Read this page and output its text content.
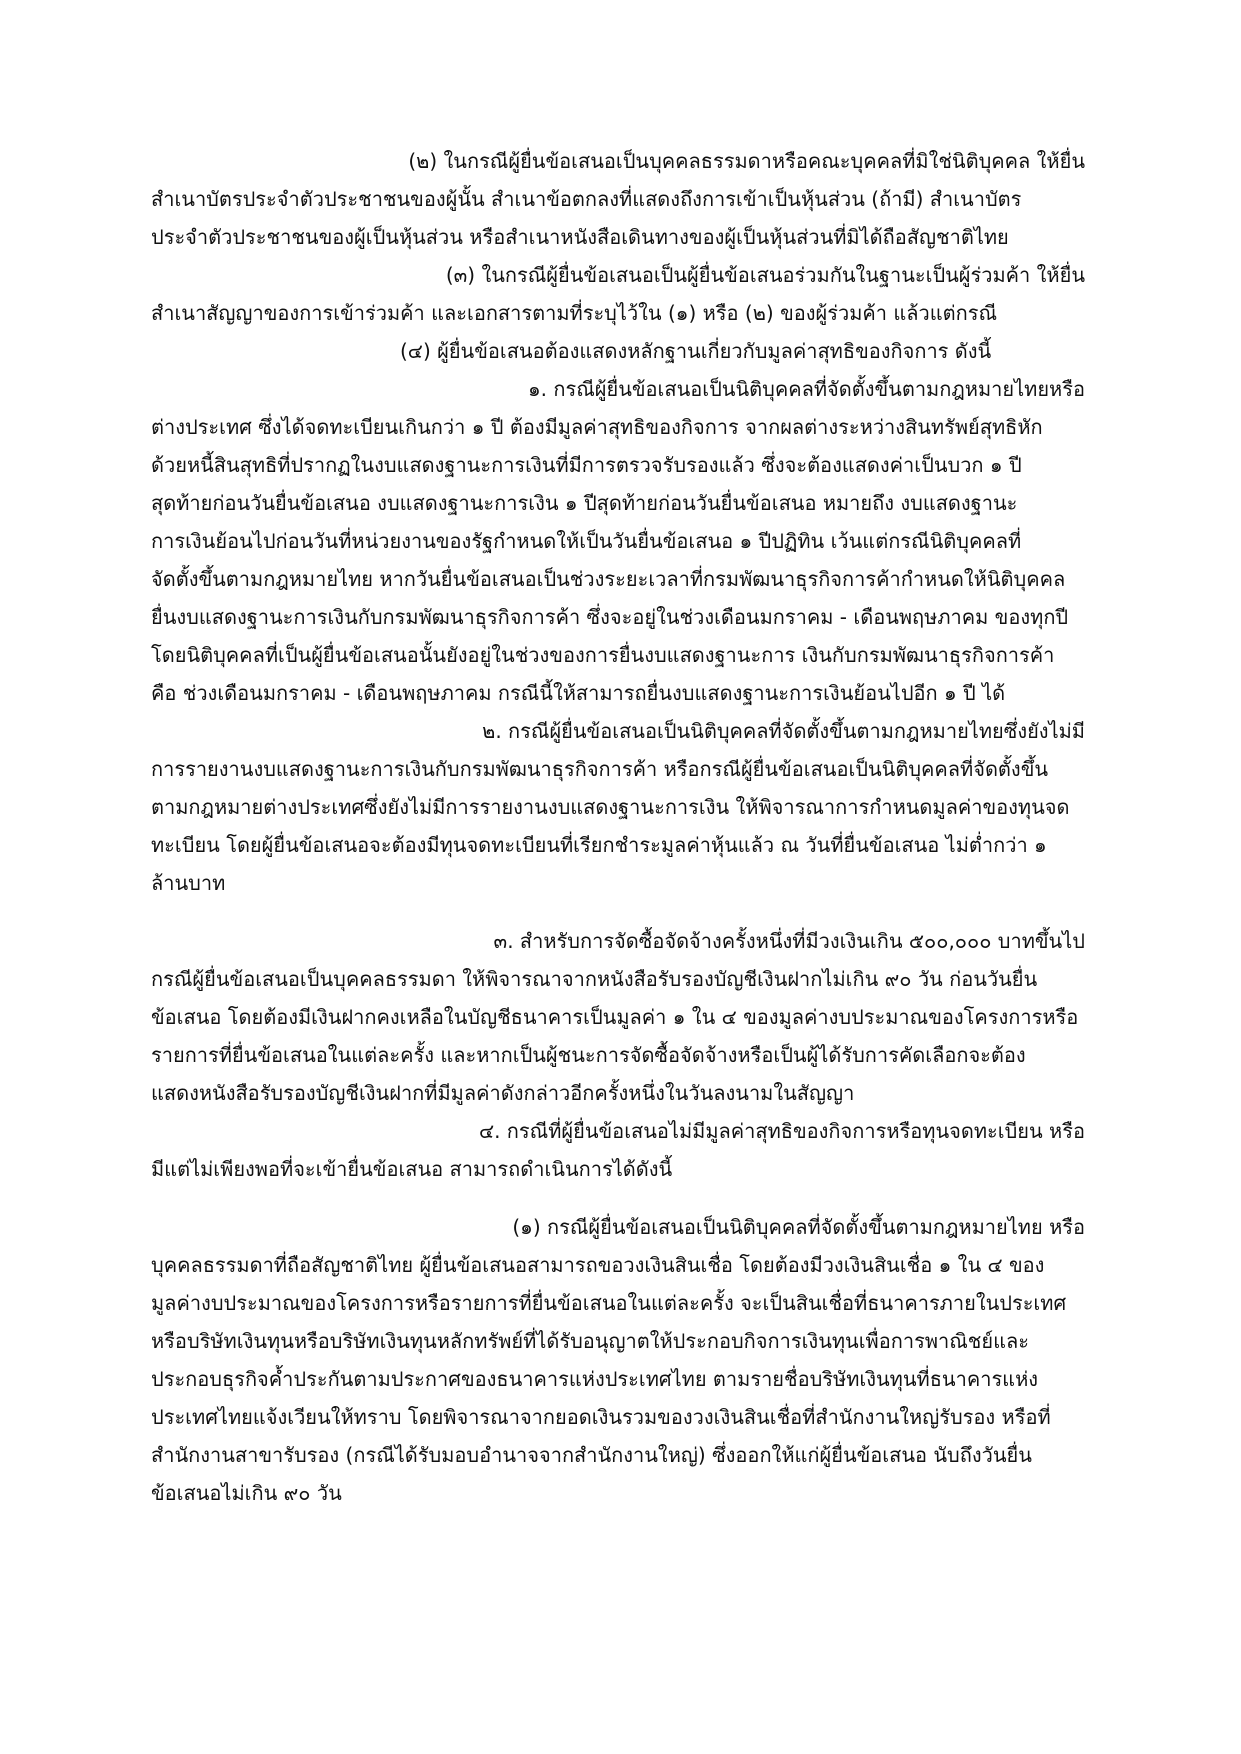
(๒) ในกรณีผู้ยื่นข้อเสนอเป็นบุคคลธรรมดาหรือคณะบุคคลที่มิใช่นิติบุคคล ให้ยื่น
สำเนาบัตรประจำตัวประชาชนของผู้นั้น สำเนาข้อตกลงที่แสดงถึงการเข้าเป็นหุ้นส่วน (ถ้ามี) สำเนาบัตร
ประจำตัวประชาชนของผู้เป็นหุ้นส่วน หรือสำเนาหนังสือเดินทางของผู้เป็นหุ้นส่วนที่มิได้ถือสัญชาติไทย
(๓) ในกรณีผู้ยื่นข้อเสนอเป็นผู้ยื่นข้อเสนอร่วมกันในฐานะเป็นผู้ร่วมค้า ให้ยื่น
สำเนาสัญญาของการเข้าร่วมค้า และเอกสารตามที่ระบุไว้ใน (๑) หรือ (๒) ของผู้ร่วมค้า แล้วแต่กรณี
(๔) ผู้ยื่นข้อเสนอต้องแสดงหลักฐานเกี่ยวกับมูลค่าสุทธิของกิจการ ดังนี้
๑. กรณีผู้ยื่นข้อเสนอเป็นนิติบุคคลที่จัดตั้งขึ้นตามกฎหมายไทยหรือ
ต่างประเทศ ซึ่งได้จดทะเบียนเกินกว่า ๑ ปี ต้องมีมูลค่าสุทธิของกิจการ จากผลต่างระหว่างสินทรัพย์สุทธิหัก
ด้วยหนี้สินสุทธิที่ปรากฏในงบแสดงฐานะการเงินที่มีการตรวจรับรองแล้ว ซึ่งจะต้องแสดงค่าเป็นบวก ๑ ปี
สุดท้ายก่อนวันยื่นข้อเสนอ งบแสดงฐานะการเงิน ๑ ปีสุดท้ายก่อนวันยื่นข้อเสนอ หมายถึง งบแสดงฐานะ
การเงินย้อนไปก่อนวันที่หน่วยงานของรัฐกำหนดให้เป็นวันยื่นข้อเสนอ ๑ ปีปฏิทิน เว้นแต่กรณีนิติบุคคลที่
จัดตั้งขึ้นตามกฎหมายไทย หากวันยื่นข้อเสนอเป็นช่วงระยะเวลาที่กรมพัฒนาธุรกิจการค้ากำหนดให้นิติบุคคล
ยื่นงบแสดงฐานะการเงินกับกรมพัฒนาธุรกิจการค้า ซึ่งจะอยู่ในช่วงเดือนมกราคม - เดือนพฤษภาคม ของทุกปี
โดยนิติบุคคลที่เป็นผู้ยื่นข้อเสนอนั้นยังอยู่ในช่วงของการยื่นงบแสดงฐานะการ เงินกับกรมพัฒนาธุรกิจการค้า
คือ ช่วงเดือนมกราคม - เดือนพฤษภาคม กรณีนี้ให้สามารถยื่นงบแสดงฐานะการเงินย้อนไปอีก ๑ ปี ได้
๒. กรณีผู้ยื่นข้อเสนอเป็นนิติบุคคลที่จัดตั้งขึ้นตามกฎหมายไทยซึ่งยังไม่มี
การรายงานงบแสดงฐานะการเงินกับกรมพัฒนาธุรกิจการค้า หรือกรณีผู้ยื่นข้อเสนอเป็นนิติบุคคลที่จัดตั้งขึ้น
ตามกฎหมายต่างประเทศซึ่งยังไม่มีการรายงานงบแสดงฐานะการเงิน ให้พิจารณาการกำหนดมูลค่าของทุนจด
ทะเบียน โดยผู้ยื่นข้อเสนอจะต้องมีทุนจดทะเบียนที่เรียกชำระมูลค่าหุ้นแล้ว ณ วันที่ยื่นข้อเสนอ ไม่ต่ำกว่า ๑
ล้านบาท
๓. สำหรับการจัดซื้อจัดจ้างครั้งหนึ่งที่มีวงเงินเกิน ๕๐๐,๐๐๐ บาทขึ้นไป
กรณีผู้ยื่นข้อเสนอเป็นบุคคลธรรมดา ให้พิจารณาจากหนังสือรับรองบัญชีเงินฝากไม่เกิน ๙๐ วัน ก่อนวันยื่น
ข้อเสนอ โดยต้องมีเงินฝากคงเหลือในบัญชีธนาคารเป็นมูลค่า ๑ ใน ๔ ของมูลค่างบประมาณของโครงการหรือ
รายการที่ยื่นข้อเสนอในแต่ละครั้ง และหากเป็นผู้ชนะการจัดซื้อจัดจ้างหรือเป็นผู้ได้รับการคัดเลือกจะต้อง
แสดงหนังสือรับรองบัญชีเงินฝากที่มีมูลค่าดังกล่าวอีกครั้งหนึ่งในวันลงนามในสัญญา
๔. กรณีที่ผู้ยื่นข้อเสนอไม่มีมูลค่าสุทธิของกิจการหรือทุนจดทะเบียน หรือ
มีแต่ไม่เพียงพอที่จะเข้ายื่นข้อเสนอ สามารถดำเนินการได้ดังนี้
(๑) กรณีผู้ยื่นข้อเสนอเป็นนิติบุคคลที่จัดตั้งขึ้นตามกฎหมายไทย หรือ
บุคคลธรรมดาที่ถือสัญชาติไทย ผู้ยื่นข้อเสนอสามารถขอวงเงินสินเชื่อ โดยต้องมีวงเงินสินเชื่อ ๑ ใน ๔ ของ
มูลค่างบประมาณของโครงการหรือรายการที่ยื่นข้อเสนอในแต่ละครั้ง จะเป็นสินเชื่อที่ธนาคารภายในประเทศ
หรือบริษัทเงินทุนหรือบริษัทเงินทุนหลักทรัพย์ที่ได้รับอนุญาตให้ประกอบกิจการเงินทุนเพื่อการพาณิชย์และ
ประกอบธุรกิจค้ำประกันตามประกาศของธนาคารแห่งประเทศไทย ตามรายชื่อบริษัทเงินทุนที่ธนาคารแห่ง
ประเทศไทยแจ้งเวียนให้ทราบ โดยพิจารณาจากยอดเงินรวมของวงเงินสินเชื่อที่สำนักงานใหญ่รับรอง หรือที่
สำนักงานสาขารับรอง (กรณีได้รับมอบอำนาจจากสำนักงานใหญ่) ซึ่งออกให้แก่ผู้ยื่นข้อเสนอ นับถึงวันยื่น
ข้อเสนอไม่เกิน ๙๐ วัน
